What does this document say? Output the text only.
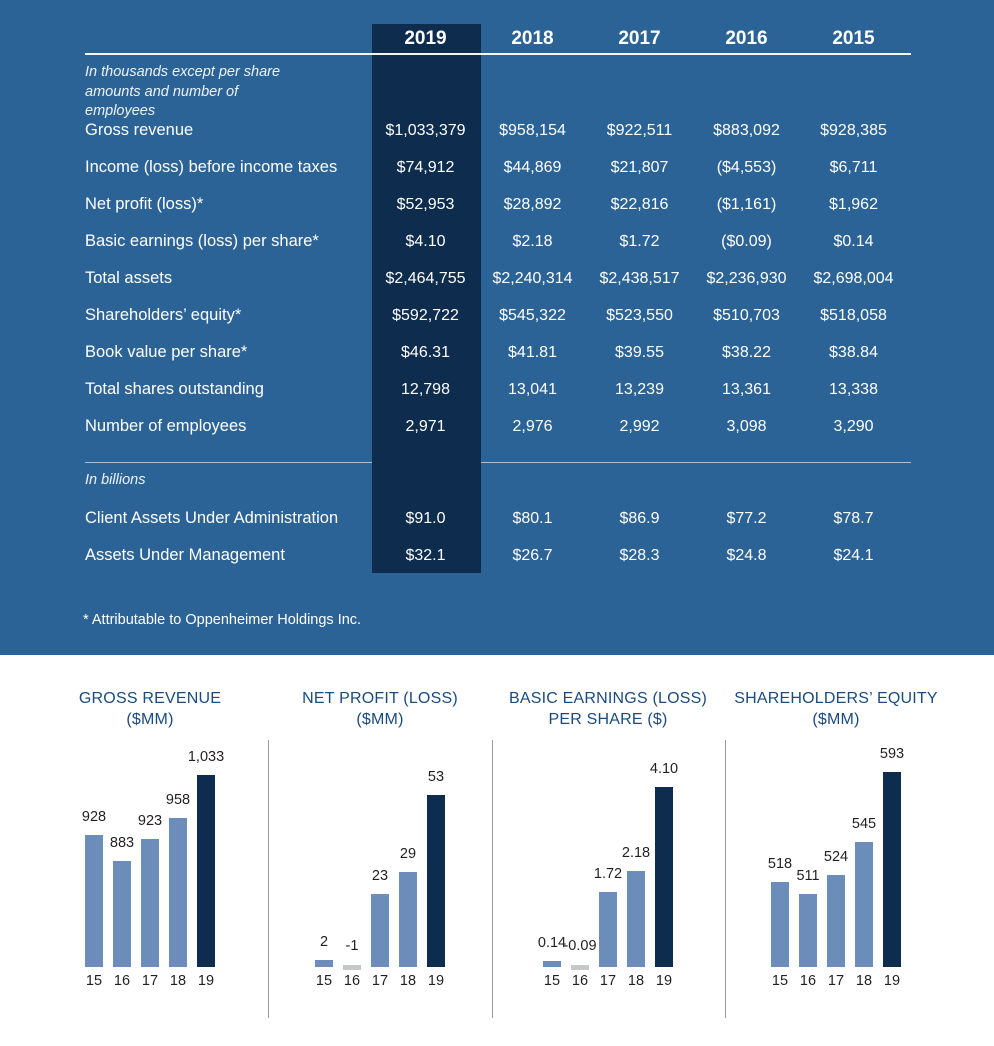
2019	2018	2017	2016	2015
In thousands except per share amounts and number of employees
Gross revenue	$1,033,379	$958,154	$922,511	$883,092	$928,385
Income (loss) before income taxes	$74,912	$44,869	$21,807	($4,553)	$6,711
Net profit (loss)*	$52,953	$28,892	$22,816	($1,161)	$1,962
Basic earnings (loss) per share*	$4.10	$2.18	$1.72	($0.09)	$0.14
Total assets	$2,464,755	$2,240,314	$2,438,517	$2,236,930	$2,698,004
Shareholders’ equity*	$592,722	$545,322	$523,550	$510,703	$518,058
Book value per share*	$46.31	$41.81	$39.55	$38.22	$38.84
Total shares outstanding	12,798	13,041	13,239	13,361	13,338
Number of employees	2,971	2,976	2,992	3,098	3,290
In billions
Client Assets Under Administration	$91.0	$80.1	$86.9	$77.2	$78.7
Assets Under Management	$32.1	$26.7	$28.3	$24.8	$24.1
* Attributable to Oppenheimer Holdings Inc.
GROSS REVENUE
($MM)
928
883
923
958
1,033
15 16 17 18 19
NET PROFIT (LOSS)
($MM)
2 -1
23
29
53
15 16 17 18 19
BASIC EARNINGS (LOSS)
PER SHARE ($)
0.14
-0.09
1.72
2.18
4.10
15 16 17 18 19
SHAREHOLDERS’ EQUITY
($MM)
518
511
524
545
593
15 16 17 18 19
